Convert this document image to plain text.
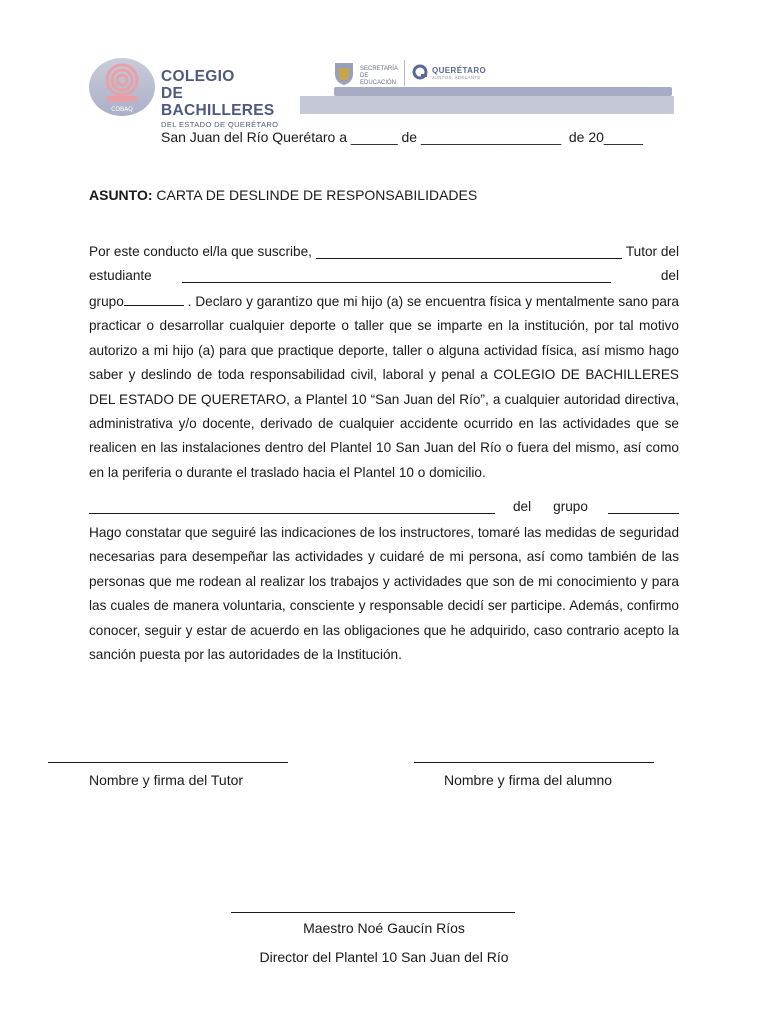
COBAQ
COLEGIO
DE BACHILLERES
DEL ESTADO DE QUERÉTARO
SECRETARÍA DE EDUCACIÓN
QUERÉTARO
JUNTOS, ADELANTE
San Juan del Río Querétaro a ______ de __________________  de 20_____
ASUNTO: CARTA DE DESLINDE DE RESPONSABILIDADES
Por este conducto el/la que suscribe,	Tutor del
estudiante	del

grupo	. Declaro y garantizo que mi hijo (a) se encuentra física y mentalmente sano para practicar o desarrollar cualquier deporte o taller que se imparte en la institución, por tal motivo autorizo a mi hijo (a) para que practique deporte, taller o alguna actividad física, así mismo hago saber y deslindo de toda responsabilidad civil, laboral y penal a COLEGIO DE BACHILLERES DEL ESTADO DE QUERETARO, a Plantel 10 “San Juan del Río”, a cualquier autoridad directiva, administrativa y/o docente, derivado de cualquier accidente ocurrido en las actividades que se realicen en las instalaciones dentro del Plantel 10 San Juan del Río o fuera del mismo, así como en la periferia o durante el traslado hacia el Plantel 10 o domicilio.

del grupo

Hago constatar que seguiré las indicaciones de los instructores, tomaré las medidas de seguridad necesarias para desempeñar las actividades y cuidaré de mi persona, así como también de las personas que me rodean al realizar los trabajos y actividades que son de mi conocimiento y para las cuales de manera voluntaria, consciente y responsable decidí ser participe. Además, confirmo conocer, seguir y estar de acuerdo en las obligaciones que he adquirido, caso contrario acepto la sanción puesta por las autoridades de la Institución.

Nombre y firma del Tutor	Nombre y firma del alumno
Maestro Noé Gaucín Ríos
Director del Plantel 10 San Juan del Río
